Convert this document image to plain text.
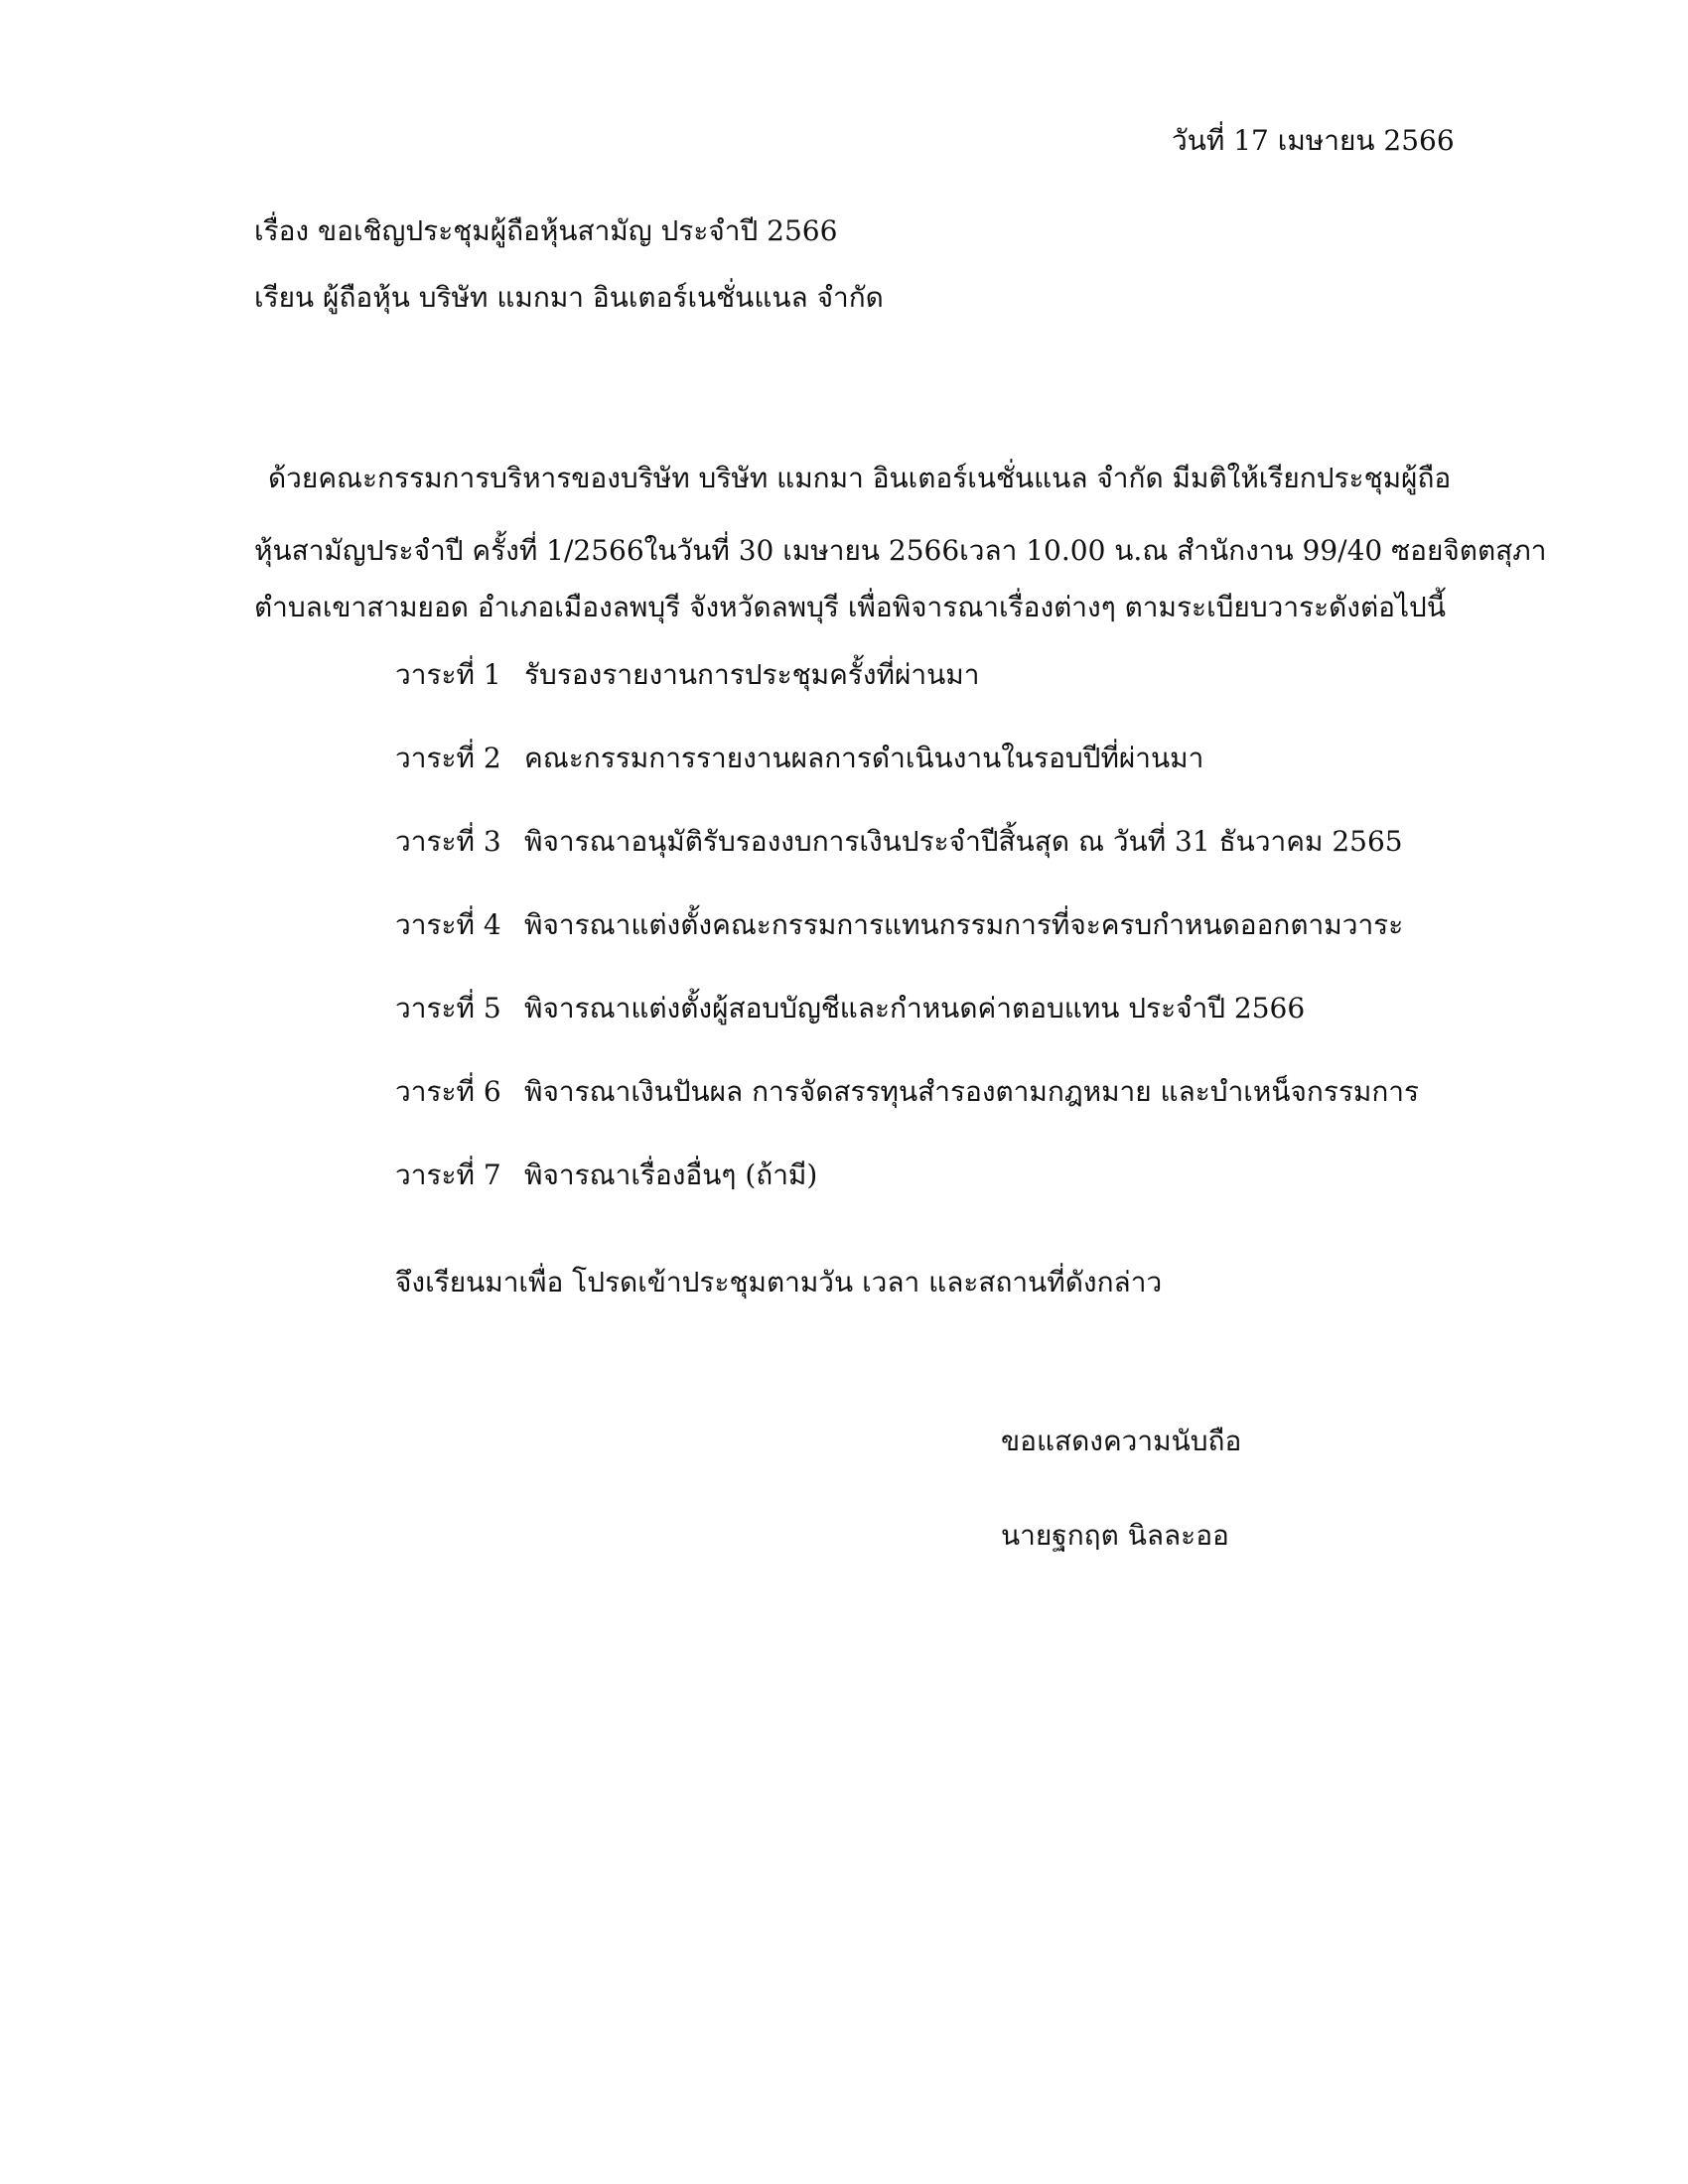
วันที่ 17 เมษายน 2566
เรื่อง ขอเชิญประชุมผู้ถือหุ้นสามัญ ประจำปี 2566
เรียน ผู้ถือหุ้น บริษัท แมกมา อินเตอร์เนชั่นแนล จำกัด
ด้วยคณะกรรมการบริหารของบริษัท บริษัท แมกมา อินเตอร์เนชั่นแนล จำกัด มีมติให้เรียกประชุมผู้ถือ
หุ้นสามัญประจำปี ครั้งที่ 1/2566ในวันที่ 30 เมษายน 2566เวลา 10.00 น.ณ สำนักงาน 99/40 ซอยจิตตสุภา
ตำบลเขาสามยอด อำเภอเมืองลพบุรี จังหวัดลพบุรี เพื่อพิจารณาเรื่องต่างๆ ตามระเบียบวาระดังต่อไปนี้
วาระที่ 1 รับรองรายงานการประชุมครั้งที่ผ่านมา
วาระที่ 2 คณะกรรมการรายงานผลการดำเนินงานในรอบปีที่ผ่านมา
วาระที่ 3 พิจารณาอนุมัติรับรองงบการเงินประจำปีสิ้นสุด ณ วันที่ 31 ธันวาคม 2565
วาระที่ 4 พิจารณาแต่งตั้งคณะกรรมการแทนกรรมการที่จะครบกำหนดออกตามวาระ
วาระที่ 5 พิจารณาแต่งตั้งผู้สอบบัญชีและกำหนดค่าตอบแทน ประจำปี 2566
วาระที่ 6 พิจารณาเงินปันผล การจัดสรรทุนสำรองตามกฎหมาย และบำเหน็จกรรมการ
วาระที่ 7 พิจารณาเรื่องอื่นๆ (ถ้ามี)
จึงเรียนมาเพื่อ โปรดเข้าประชุมตามวัน เวลา และสถานที่ดังกล่าว
ขอแสดงความนับถือ
นายฐกฤต นิลละออ
